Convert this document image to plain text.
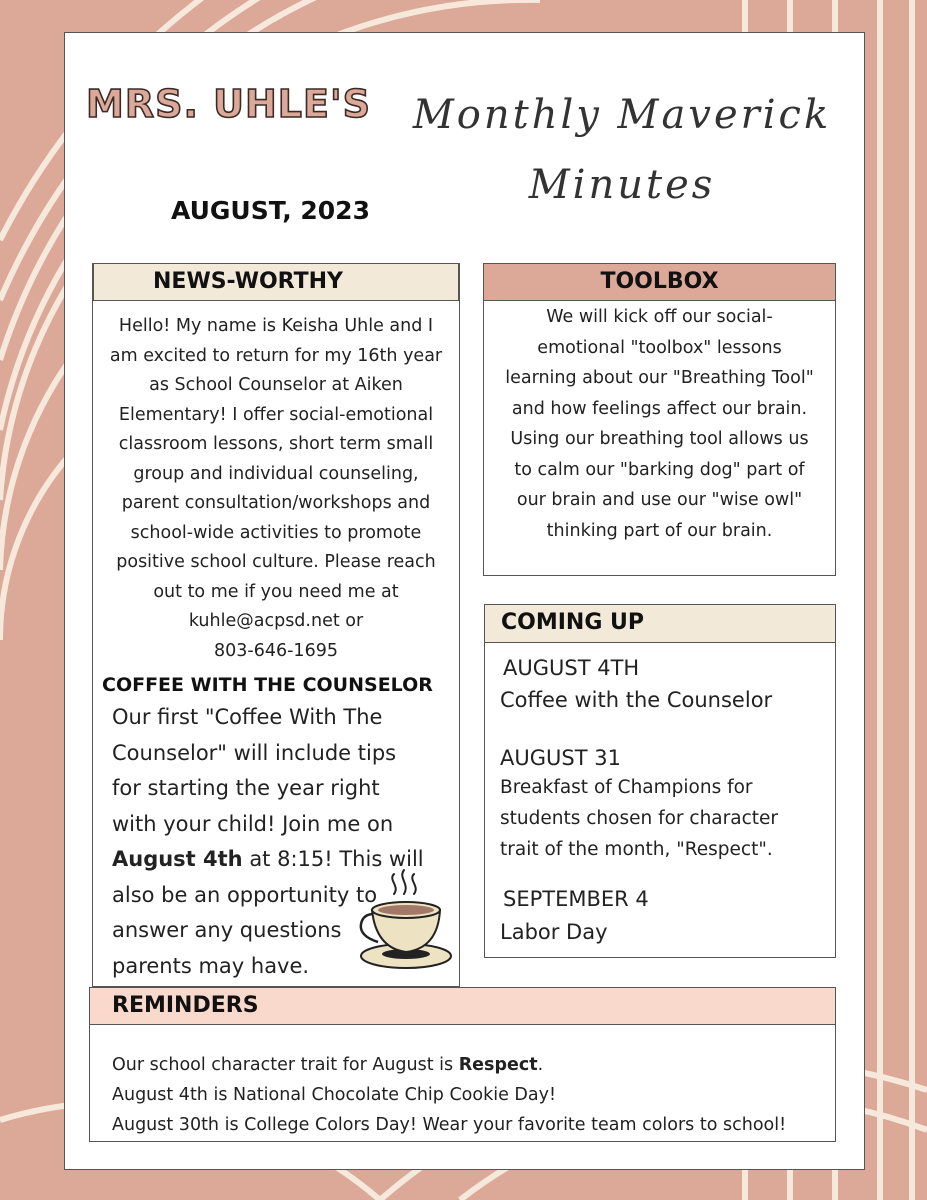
MRS. UHLE'S Monthly Maverick
Minutes
AUGUST, 2023
NEWS-WORTHY
Hello! My name is Keisha Uhle and I
am excited to return for my 16th year
as School Counselor at Aiken
Elementary! I offer social-emotional
classroom lessons, short term small
group and individual counseling,
parent consultation/workshops and
school-wide activities to promote
positive school culture. Please reach
out to me if you need me at
kuhle@acpsd.net or
803-646-1695
COFFEE WITH THE COUNSELOR
Our first "Coffee With The
Counselor" will include tips
for starting the year right
with your child! Join me on
August 4th at 8:15! This will
also be an opportunity to
answer any questions
parents may have.
TOOLBOX
We will kick off our social-
emotional "toolbox" lessons
learning about our "Breathing Tool"
and how feelings affect our brain.
Using our breathing tool allows us
to calm our "barking dog" part of
our brain and use our "wise owl"
thinking part of our brain.
COMING UP
AUGUST 4TH
Coffee with the Counselor
AUGUST 31
Breakfast of Champions for
students chosen for character
trait of the month, "Respect".
SEPTEMBER 4
Labor Day
REMINDERS
Our school character trait for August is Respect.
August 4th is National Chocolate Chip Cookie Day!
August 30th is College Colors Day! Wear your favorite team colors to school!
